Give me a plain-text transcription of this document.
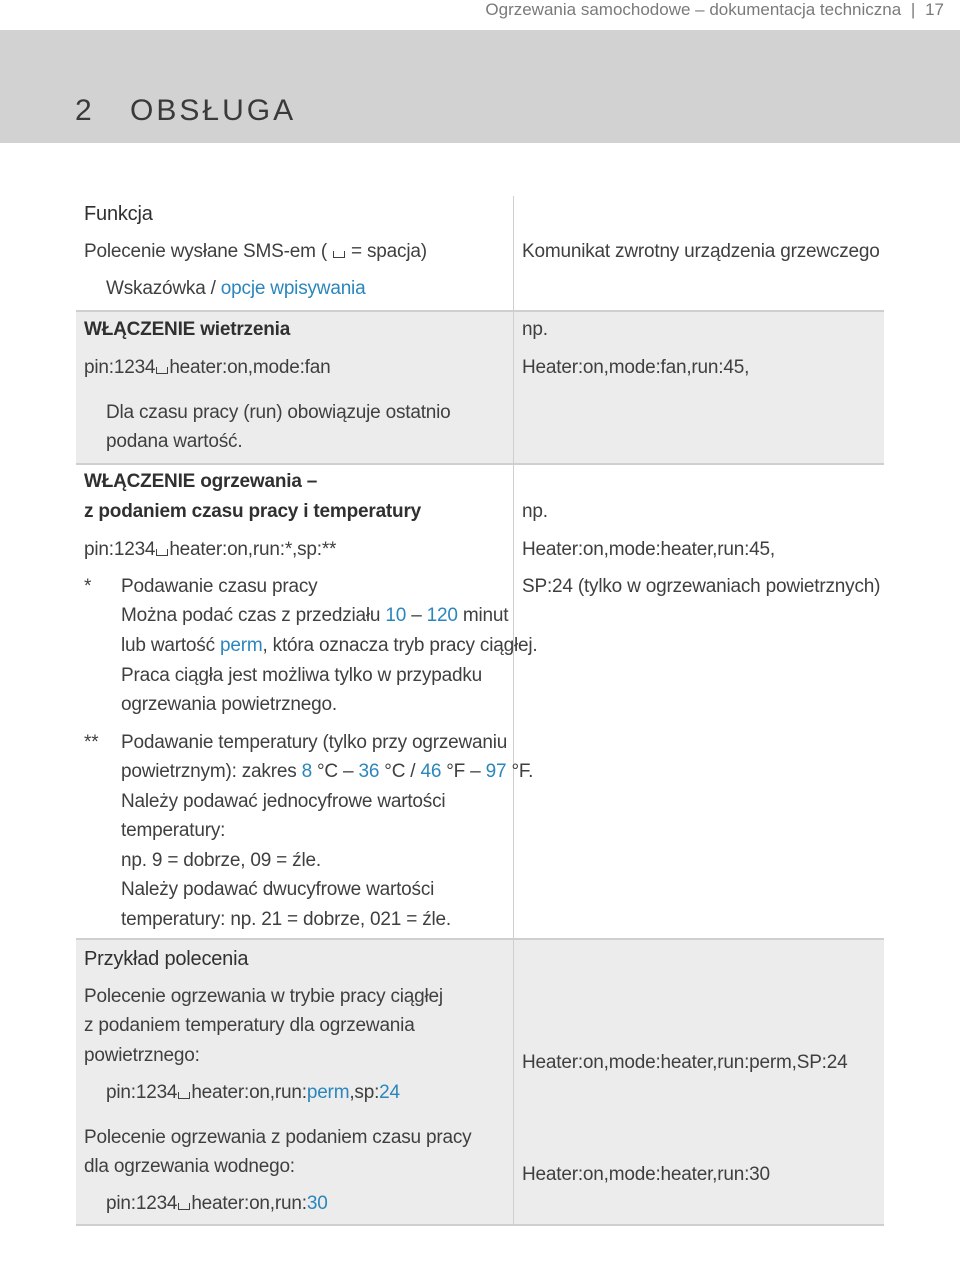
Ogrzewania samochodowe – dokumentacja techniczna | 17
2 OBSŁUGA
Funkcja
Polecenie wysłane SMS-em ( = spacja)
Wskazówka / opcje wpisywania
Komunikat zwrotny urządzenia grzewczego
WŁĄCZENIE wietrzenia
pin:1234 heater:on,mode:fan
Dla czasu pracy (run) obowiązuje ostatnio
podana wartość.
np.
Heater:on,mode:fan,run:45,
WŁĄCZENIE ogrzewania –
z podaniem czasu pracy i temperatury
pin:1234 heater:on,run:*,sp:**
* Podawanie czasu pracy
Można podać czas z przedziału 10 – 120 minut
lub wartość perm, która oznacza tryb pracy ciągłej.
Praca ciągła jest możliwa tylko w przypadku
ogrzewania powietrznego.
** Podawanie temperatury (tylko przy ogrzewaniu
powietrznym): zakres 8 °C – 36 °C / 46 °F – 97 °F.
Należy podawać jednocyfrowe wartości
temperatury:
np. 9 = dobrze, 09 = źle.
Należy podawać dwucyfrowe wartości
temperatury: np. 21 = dobrze, 021 = źle.
np.
Heater:on,mode:heater,run:45,
SP:24 (tylko w ogrzewaniach powietrznych)
Przykład polecenia
Polecenie ogrzewania w trybie pracy ciągłej
z podaniem temperatury dla ogrzewania
powietrznego:
pin:1234 heater:on,run:perm,sp:24
Heater:on,mode:heater,run:perm,SP:24
Polecenie ogrzewania z podaniem czasu pracy
dla ogrzewania wodnego:
pin:1234 heater:on,run:30
Heater:on,mode:heater,run:30
